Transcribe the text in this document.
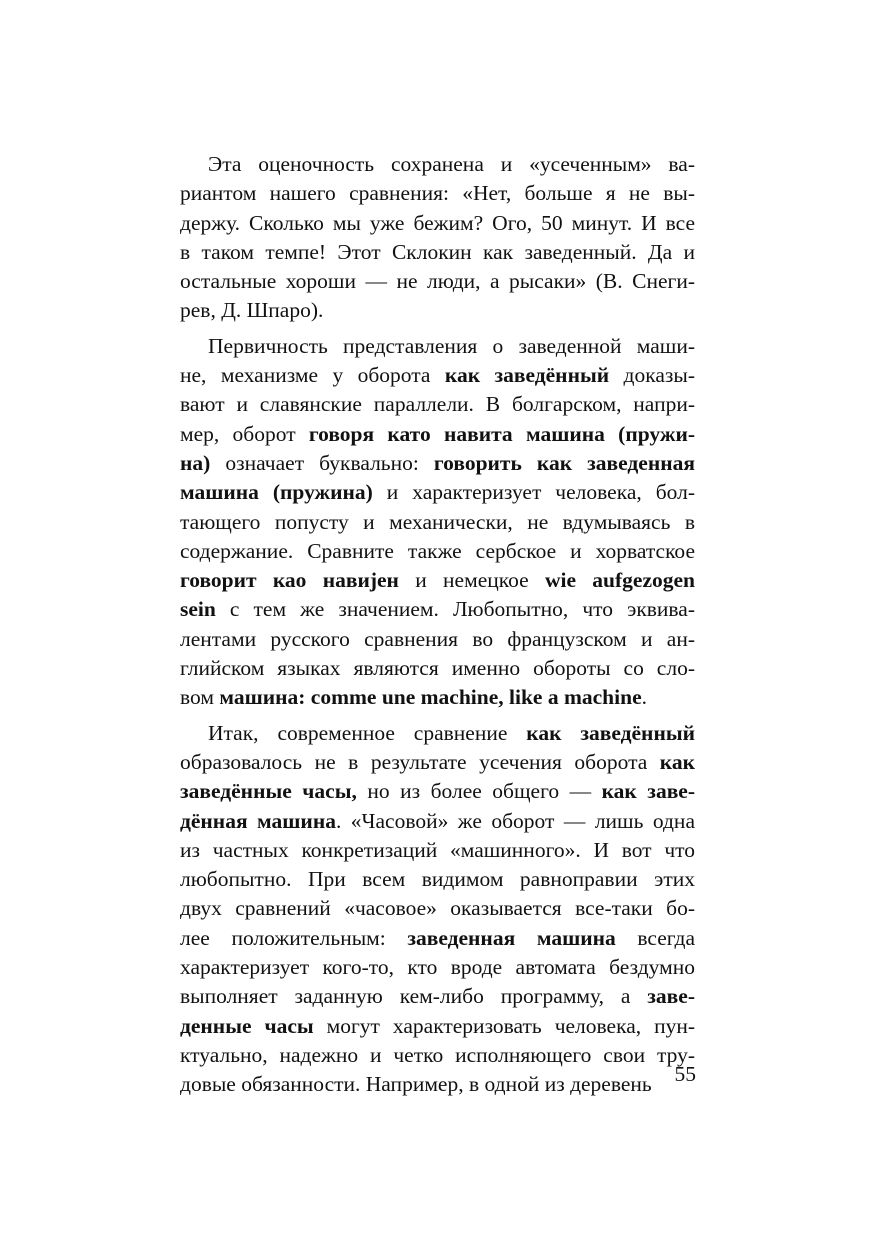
Эта оценочность сохранена и «усеченным» ва-
риантом нашего сравнения: «Нет, больше я не вы-
держу. Сколько мы уже бежим? Ого, 50 минут. И все
в таком темпе! Этот Склокин как заведенный. Да и
остальные хороши — не люди, а рысаки» (В. Снеги-
рев, Д. Шпаро).
Первичность представления о заведенной маши-
не, механизме у оборота как заведённый доказы-
вают и славянские параллели. В болгарском, напри-
мер, оборот говоря като навита машина (пружи-
на) означает буквально: говорить как заведенная
машина (пружина) и характеризует человека, бол-
тающего попусту и механически, не вдумываясь в
содержание. Сравните также сербское и хорватское
говорит као навиjен и немецкое wie aufgezogen
sein с тем же значением. Любопытно, что эквива-
лентами русского сравнения во французском и ан-
глийском языках являются именно обороты со сло-
вом машина: comme une machine, like a machine.
Итак, современное сравнение как заведённый
образовалось не в результате усечения оборота как
заведённые часы, но из более общего — как заве-
дённая машина. «Часовой» же оборот — лишь одна
из частных конкретизаций «машинного». И вот что
любопытно. При всем видимом равноправии этих
двух сравнений «часовое» оказывается все-таки бо-
лее положительным: заведенная машина всегда
характеризует кого-то, кто вроде автомата бездумно
выполняет заданную кем-либо программу, а заве-
денные часы могут характеризовать человека, пун-
ктуально, надежно и четко исполняющего свои тру-
довые обязанности. Например, в одной из деревень	55
